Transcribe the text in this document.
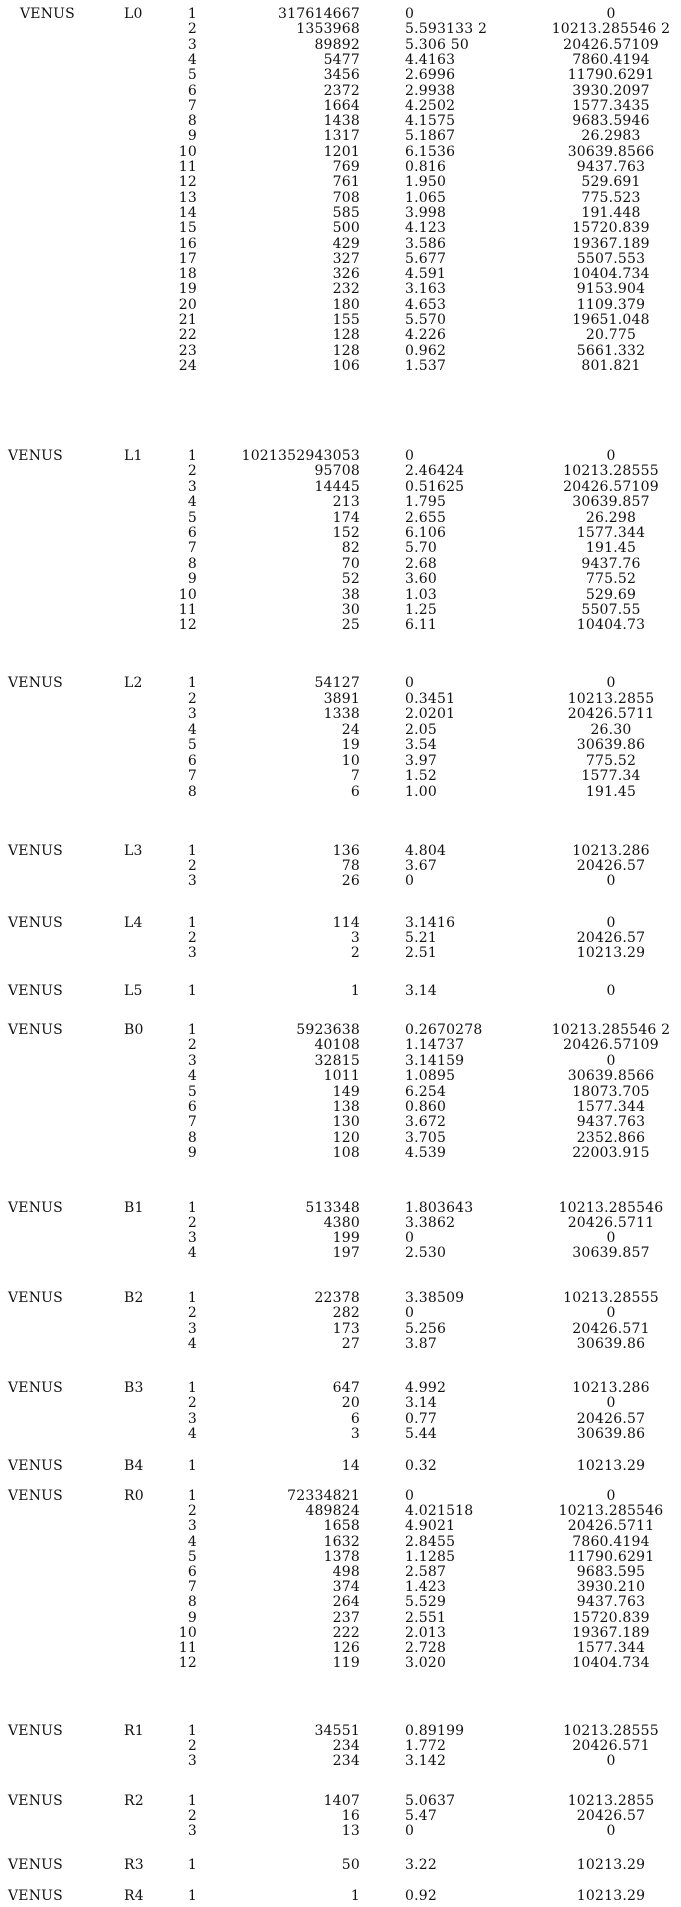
VENUS	L0	1	317614667	0	0
2	1353968	5.593133 2	10213.285546 2
3	89892	5.306 50	20426.57109
4	5477	4.4163	7860.4194
5	3456	2.6996	11790.6291
6	2372	2.9938	3930.2097
7	1664	4.2502	1577.3435
8	1438	4.1575	9683.5946
9	1317	5.1867	26.2983
10	1201	6.1536	30639.8566
11	769	0.816	9437.763
12	761	1.950	529.691
13	708	1.065	775.523
14	585	3.998	191.448
15	500	4.123	15720.839
16	429	3.586	19367.189
17	327	5.677	5507.553
18	326	4.591	10404.734
19	232	3.163	9153.904
20	180	4.653	1109.379
21	155	5.570	19651.048
22	128	4.226	20.775
23	128	0.962	5661.332
24	106	1.537	801.821
VENUS	L1	1	1021352943053	0	0
2	95708	2.46424	10213.28555
3	14445	0.51625	20426.57109
4	213	1.795	30639.857
5	174	2.655	26.298
6	152	6.106	1577.344
7	82	5.70	191.45
8	70	2.68	9437.76
9	52	3.60	775.52
10	38	1.03	529.69
11	30	1.25	5507.55
12	25	6.11	10404.73
VENUS	L2	1	54127	0	0
2	3891	0.3451	10213.2855
3	1338	2.0201	20426.5711
4	24	2.05	26.30
5	19	3.54	30639.86
6	10	3.97	775.52
7	7	1.52	1577.34
8	6	1.00	191.45
VENUS	L3	1	136	4.804	10213.286
2	78	3.67	20426.57
3	26	0	0
VENUS	L4	1	114	3.1416	0
2	3	5.21	20426.57
3	2	2.51	10213.29
VENUS	L5	1	1	3.14	0
VENUS	B0	1	5923638	0.2670278	10213.285546 2
2	40108	1.14737	20426.57109
3	32815	3.14159	0
4	1011	1.0895	30639.8566
5	149	6.254	18073.705
6	138	0.860	1577.344
7	130	3.672	9437.763
8	120	3.705	2352.866
9	108	4.539	22003.915
VENUS	B1	1	513348	1.803643	10213.285546
2	4380	3.3862	20426.5711
3	199	0	0
4	197	2.530	30639.857
VENUS	B2	1	22378	3.38509	10213.28555
2	282	0	0
3	173	5.256	20426.571
4	27	3.87	30639.86
VENUS	B3	1	647	4.992	10213.286
2	20	3.14	0
3	6	0.77	20426.57
4	3	5.44	30639.86
VENUS	B4	1	14	0.32	10213.29
VENUS	R0	1	72334821	0	0
2	489824	4.021518	10213.285546
3	1658	4.9021	20426.5711
4	1632	2.8455	7860.4194
5	1378	1.1285	11790.6291
6	498	2.587	9683.595
7	374	1.423	3930.210
8	264	5.529	9437.763
9	237	2.551	15720.839
10	222	2.013	19367.189
11	126	2.728	1577.344
12	119	3.020	10404.734
VENUS	R1	1	34551	0.89199	10213.28555
2	234	1.772	20426.571
3	234	3.142	0
VENUS	R2	1	1407	5.0637	10213.2855
2	16	5.47	20426.57
3	13	0	0
VENUS	R3	1	50	3.22	10213.29
VENUS	R4	1	1	0.92	10213.29
